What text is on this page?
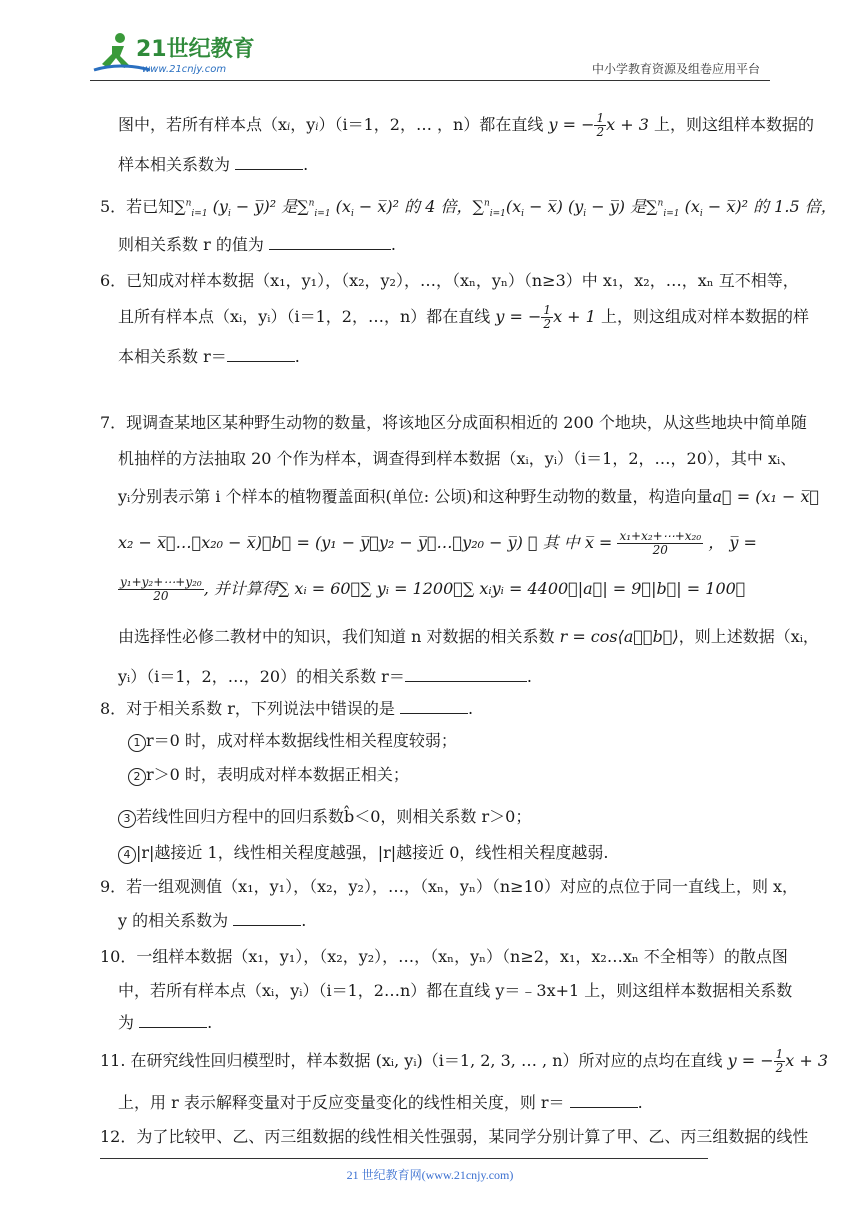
21世纪教育
www.21cnjy.com	中小学教育资源及组卷应用平台
图中，若所有样本点（xi，yi）（i＝1，2，… ，n）都在直线 y = − $\frac{1}{2}$ x + 3 上，则这组样本数据的
样本相关系数为	.
5．若已知∑$^n_{i=1}$ ($y_i$ − y̅)² 是∑$^n_{i=1}$ ($x_i$ − x̅)² 的 4 倍，$\sum^n_{i=1}(x_i$ − x̅) ($y_i$ − y̅) 是∑$^n_{i=1}$ ($x_i$ − x̅)² 的 1.5 倍，
则相关系数 r 的值为	.
6．已知成对样本数据（x₁，y₁），（x₂，y₂），…，（xₙ，yₙ）（n≥3）中 x₁，x₂，…，xₙ 互不相等，
且所有样本点（xᵢ，yᵢ）（i＝1，2，…，n）都在直线 y = − $\frac{1}{2}$ x + 1 上，则这组成对样本数据的样
本相关系数 r＝	.
7．现调查某地区某种野生动物的数量，将该地区分成面积相近的 200 个地块，从这些地块中简单随
机抽样的方法抽取 20 个作为样本，调查得到样本数据（xᵢ，yᵢ）（i＝1，2，…，20），其中 xᵢ、
yᵢ分别表示第 i 个样本的植物覆盖面积(单位: 公顷)和这种野生动物的数量，构造向量a⃗ = (x₁ − x̅，
x₂ − x̅，…，x₂₀ − x̅)，b⃗ = (y₁ − y̅，y₂ − y̅，…，y₂₀ − y̅) ， 其 中 x̅ = $\frac{\text{x₁+x₂+⋯+x₂₀}}{20}$ ， y̅ =
$\frac{\text{y₁+y₂+⋯+y₂₀}}{20}$ , 并计算得∑ xᵢ = 60，∑ yᵢ = 1200，∑ xᵢyᵢ = 4400，|a⃗| = 9，|b⃗| = 100，
由选择性必修二教材中的知识，我们知道 n 对数据的相关系数 r = cos⟨a⃗，b⃗⟩，则上述数据（xᵢ，
yᵢ）（i＝1，2，…，20）的相关系数 r＝	.
8．对于相关系数 r，下列说法中错误的是	.
1 r＝0 时，成对样本数据线性相关程度较弱；
2 r＞0 时，表明成对样本数据正相关；
3 若线性回归方程中的回归系数b̂＜0，则相关系数 r＞0；
4 |r|越接近 1，线性相关程度越强，|r|越接近 0，线性相关程度越弱.
9．若一组观测值（x₁，y₁），（x₂，y₂），…，（xₙ，yₙ）（n≥10）对应的点位于同一直线上，则 x，
y 的相关系数为	.
10．一组样本数据（x₁，y₁），（x₂，y₂），…，（xₙ，yₙ）（n≥2，x₁，x₂…xₙ 不全相等）的散点图
中，若所有样本点（xᵢ，yᵢ）（i＝1，2…n）都在直线 y＝﹣3x+1 上，则这组样本数据相关系数
为	.
11. 在研究线性回归模型时，样本数据 (xᵢ, yᵢ)（i＝1, 2, 3, … , n）所对应的点均在直线 y = − $\frac{1}{2}$ x + 3
上，用 r 表示解释变量对于反应变量变化的线性相关度，则 r＝	.
12．为了比较甲、乙、丙三组数据的线性相关性强弱，某同学分别计算了甲、乙、丙三组数据的线性
21 世纪教育网(www.21cnjy.com)
